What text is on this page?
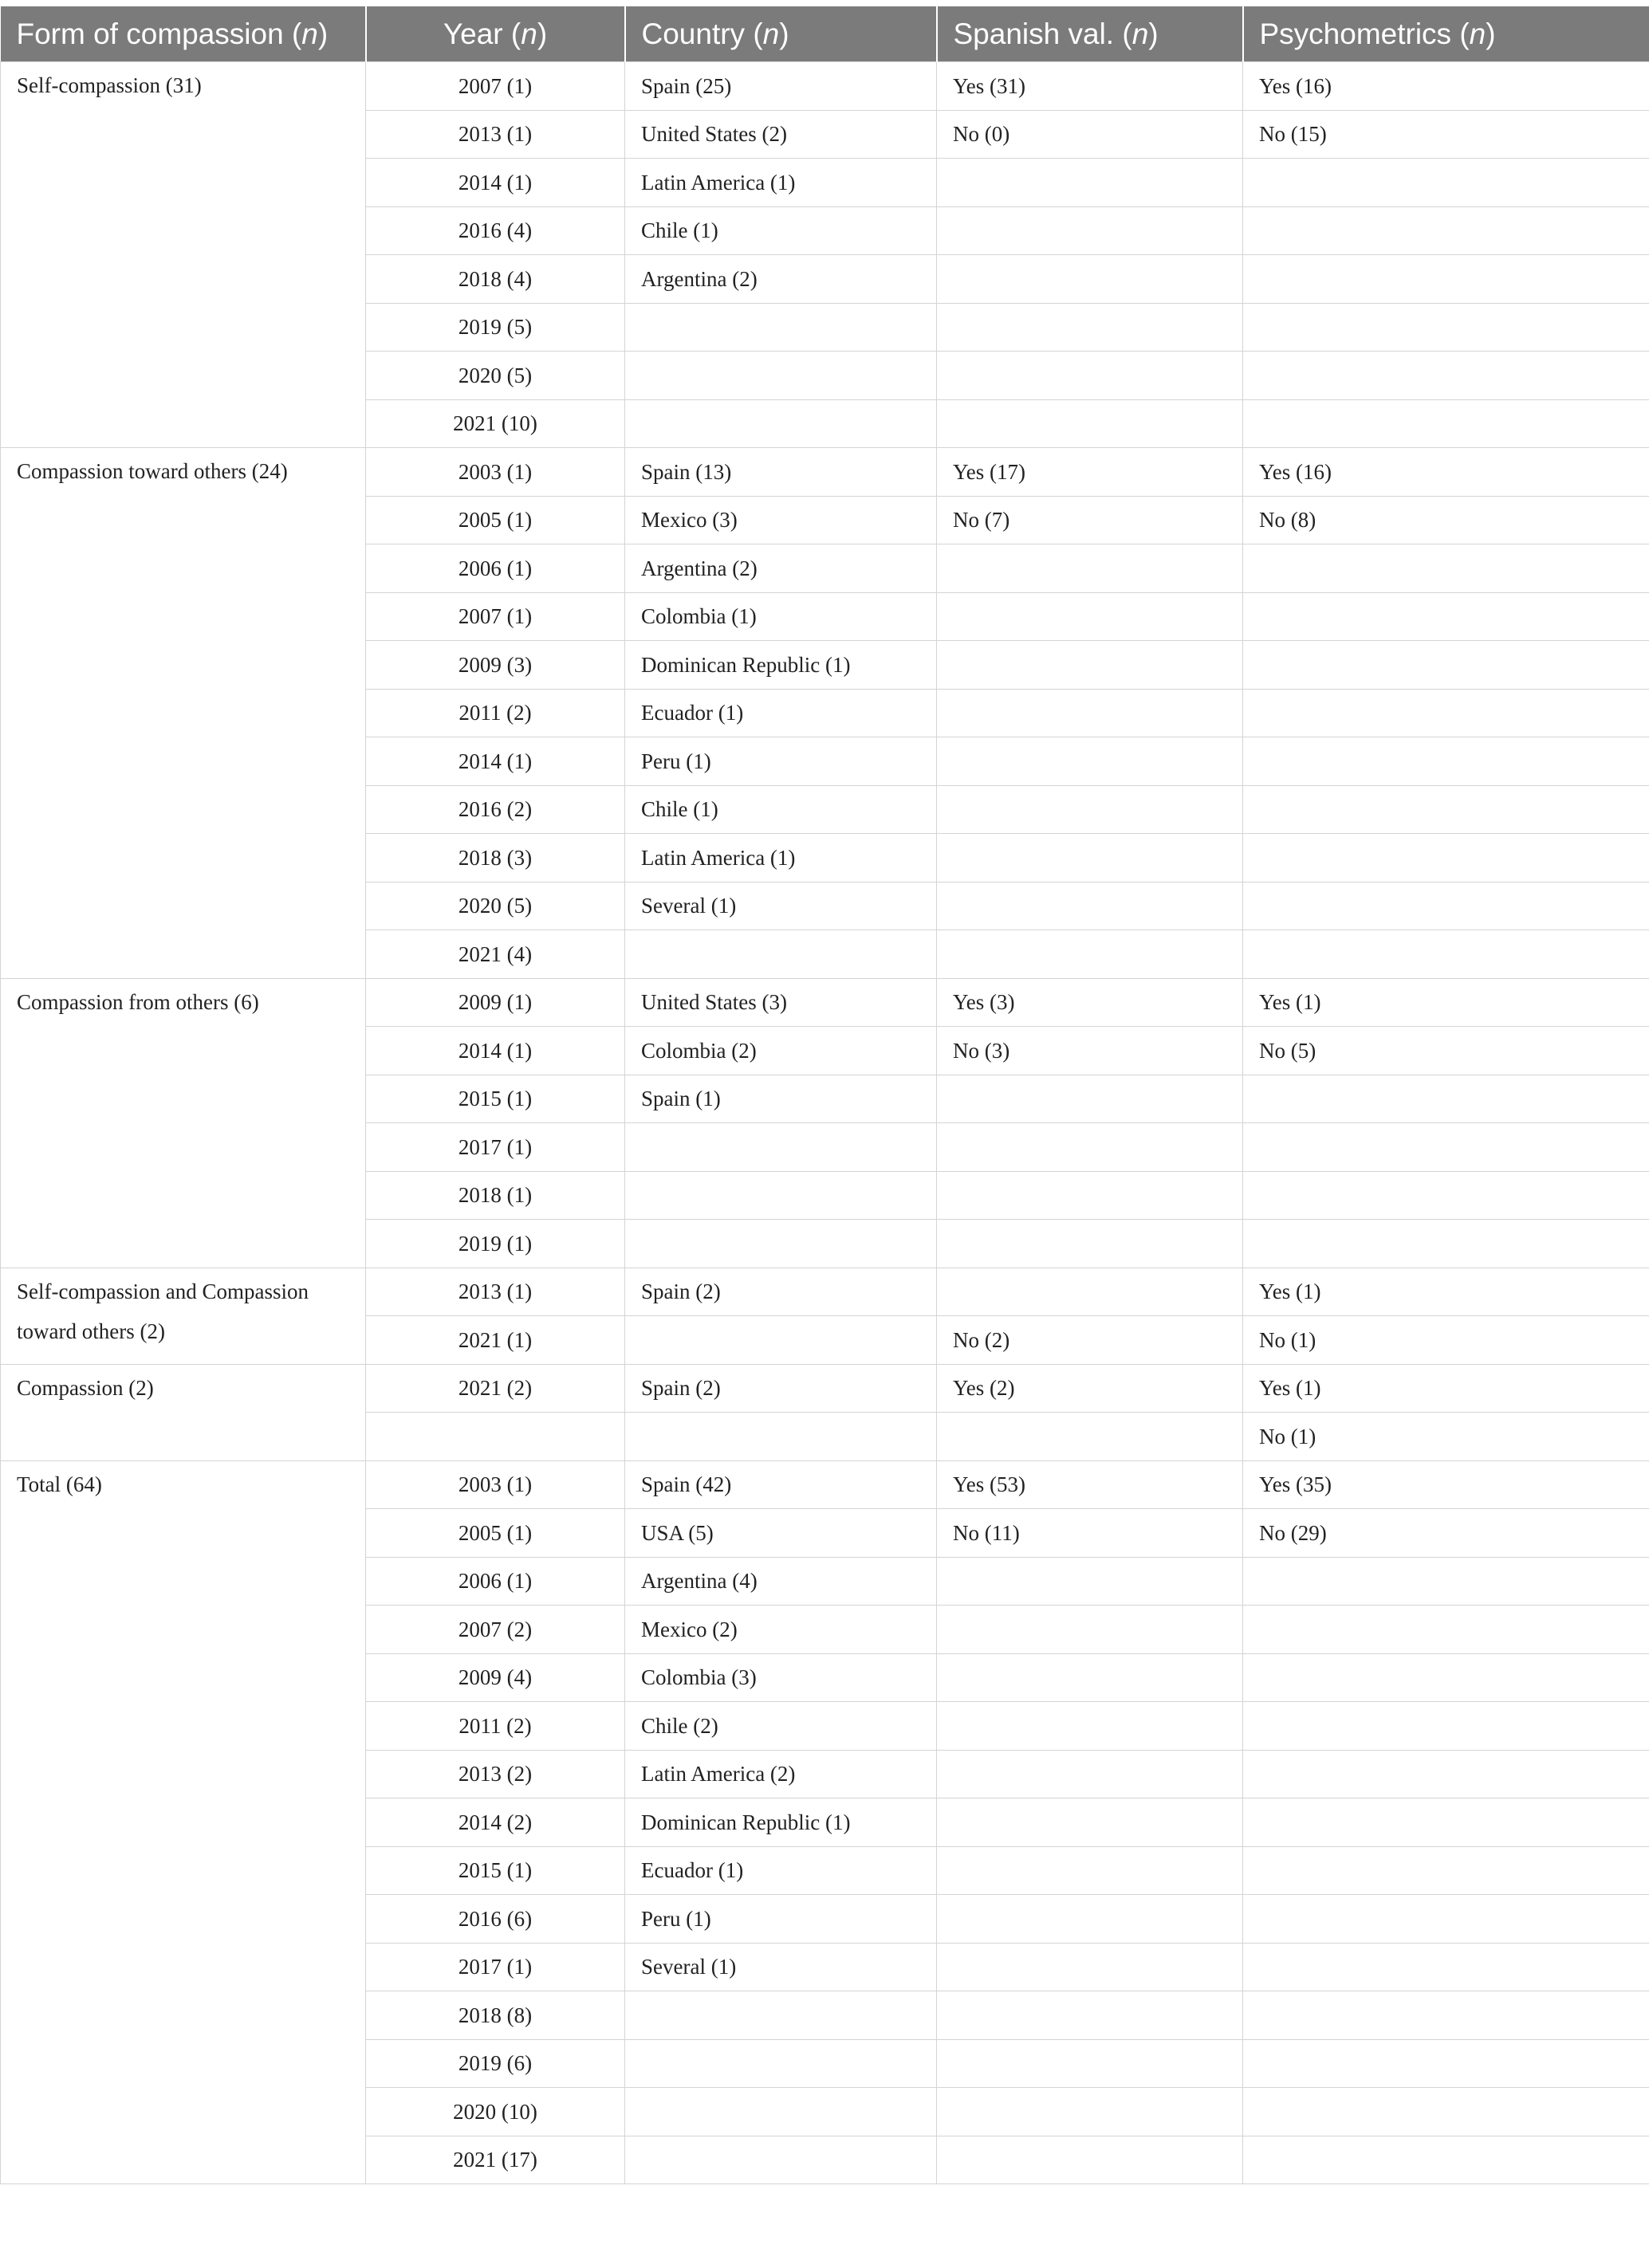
Form of compassion (n)	Year (n)	Country (n)	Spanish val. (n)	Psychometrics (n)

Self-compassion (31)	2007 (1)	Spain (25)	Yes (31)	Yes (16)
	2013 (1)	United States (2)	No (0)	No (15)
	2014 (1)	Latin America (1)		
	2016 (4)	Chile (1)		
	2018 (4)	Argentina (2)		
	2019 (5)			
	2020 (5)			
	2021 (10)			

Compassion toward others (24)	2003 (1)	Spain (13)	Yes (17)	Yes (16)
	2005 (1)	Mexico (3)	No (7)	No (8)
	2006 (1)	Argentina (2)		
	2007 (1)	Colombia (1)		
	2009 (3)	Dominican Republic (1)		
	2011 (2)	Ecuador (1)		
	2014 (1)	Peru (1)		
	2016 (2)	Chile (1)		
	2018 (3)	Latin America (1)		
	2020 (5)	Several (1)		
	2021 (4)			

Compassion from others (6)	2009 (1)	United States (3)	Yes (3)	Yes (1)
	2014 (1)	Colombia (2)	No (3)	No (5)
	2015 (1)	Spain (1)		
	2017 (1)			
	2018 (1)			
	2019 (1)			

Self-compassion and Compassion
toward others (2)	2013 (1)	Spain (2)		Yes (1)
	2021 (1)		No (2)	No (1)

Compassion (2)	2021 (2)	Spain (2)	Yes (2)	Yes (1)
				No (1)

Total (64)	2003 (1)	Spain (42)	Yes (53)	Yes (35)
	2005 (1)	USA (5)	No (11)	No (29)
	2006 (1)	Argentina (4)		
	2007 (2)	Mexico (2)		
	2009 (4)	Colombia (3)		
	2011 (2)	Chile (2)		
	2013 (2)	Latin America (2)		
	2014 (2)	Dominican Republic (1)		
	2015 (1)	Ecuador (1)		
	2016 (6)	Peru (1)		
	2017 (1)	Several (1)		
	2018 (8)			
	2019 (6)			
	2020 (10)			
	2021 (17)			
